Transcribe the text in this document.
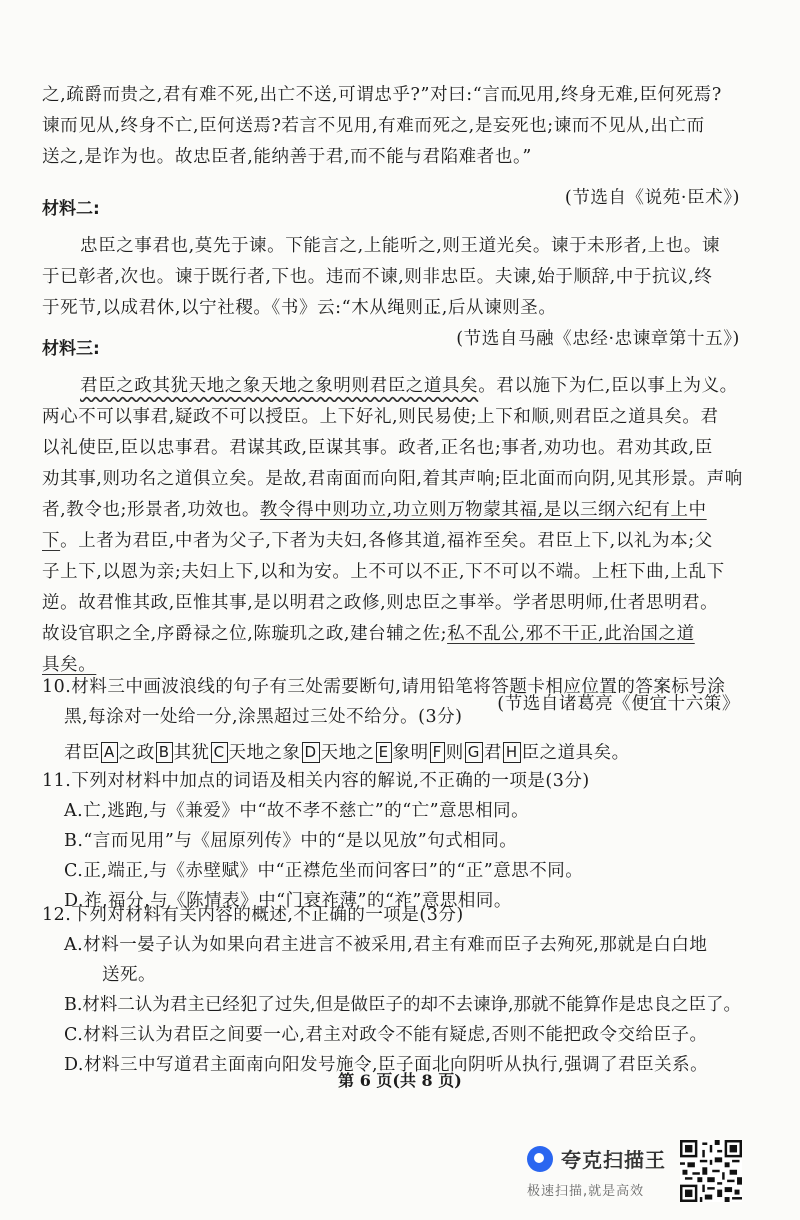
之,疏爵而贵之,君有难不死,出亡不送,可谓忠乎?”对曰:“言而见用,终身无难,臣何死焉?
谏而见从,终身不亡,臣何送焉?若言不见用,有难而死之,是妄死也;谏而不见从,出亡而
送之,是诈为也。故忠臣者,能纳善于君,而不能与君陷难者也。”
(节选自《说苑·臣术》)
材料二:
忠臣之事君也,莫先于谏。下能言之,上能听之,则王道光矣。谏于未形者,上也。谏
于已彰者,次也。谏于既行者,下也。违而不谏,则非忠臣。夫谏,始于顺辞,中于抗议,终
于死节,以成君休,以宁社稷。《书》云:“木从绳则正, •后从谏则圣。
(节选自马融《忠经·忠谏章第十五》)
材料三:
君臣之政其犹天地之象天地之象明则君臣之道具矣。君以施下为仁,臣以事上为义。
两心不可以事君,疑政不可以授臣。上下好礼,则民易使;上下和顺,则君臣之道具矣。君
以礼使臣,臣以忠事君。君谋其政,臣谋其事。政者,正名也;事者,劝功也。君劝其政,臣
劝其事,则功名之道俱立矣。是故,君南面而向阳,着其声响;臣北面而向阴,见其形景。声响
者,教令也;形景者,功效也。教令得中则功立,功立则万物蒙其福,是以三纲六纪有上中
下。上者为君臣,中者为父子,下者为夫妇,各修其道,福祚至矣。君臣上下,以礼为本;父
子上下,以恩为亲;夫妇上下,以和为安。上不可以不正,下不可以不端。上枉下曲,上乱下
逆。故君惟其政,臣惟其事,是以明君之政修,则忠臣之事举。学者思明师,仕者思明君。
故设官职之全,序爵禄之位,陈璇玑之政,建台辅之佐;私不乱公,邪不干正,此治国之道
具矣。
(节选自诸葛亮《便宜十六策》
10.材料三中画波浪线的句子有三处需要断句,请用铅笔将答题卡相应位置的答案标号涂
黑,每涂对一处给一分,涂黑超过三处不给分。(3分)
君臣 A 之政 B 其犹 C 天地之象 D 天地之 E 象明 F 则 G 君 H 臣之道具矣。
11.下列对材料中加点的词语及相关内容的解说,不正确的一项是(3分)
A.亡,逃跑,与《兼爱》中“故不孝不慈亡”的“亡”意思相同。
B.“言而见用”与《屈原列传》中的“是以见放”句式相同。
C.正,端正,与《赤壁赋》中“正襟危坐而问客曰”的“正”意思不同。
D.祚,福分,与《陈情表》中“门衰祚薄”的“祚”意思相同。
12.下列对材料有关内容的概述,不正确的一项是(3分)
A.材料一晏子认为如果向君主进言不被采用,君主有难而臣子去殉死,那就是白白地
送死。
B.材料二认为君主已经犯了过失,但是做臣子的却不去谏诤,那就不能算作是忠良之臣了。
C.材料三认为君臣之间要一心,君主对政令不能有疑虑,否则不能把政令交给臣子。
D.材料三中写道君主面南向阳发号施令,臣子面北向阴听从执行,强调了君臣关系。
第 6 页(共 8 页)
夸克扫描王
极速扫描,就是高效
